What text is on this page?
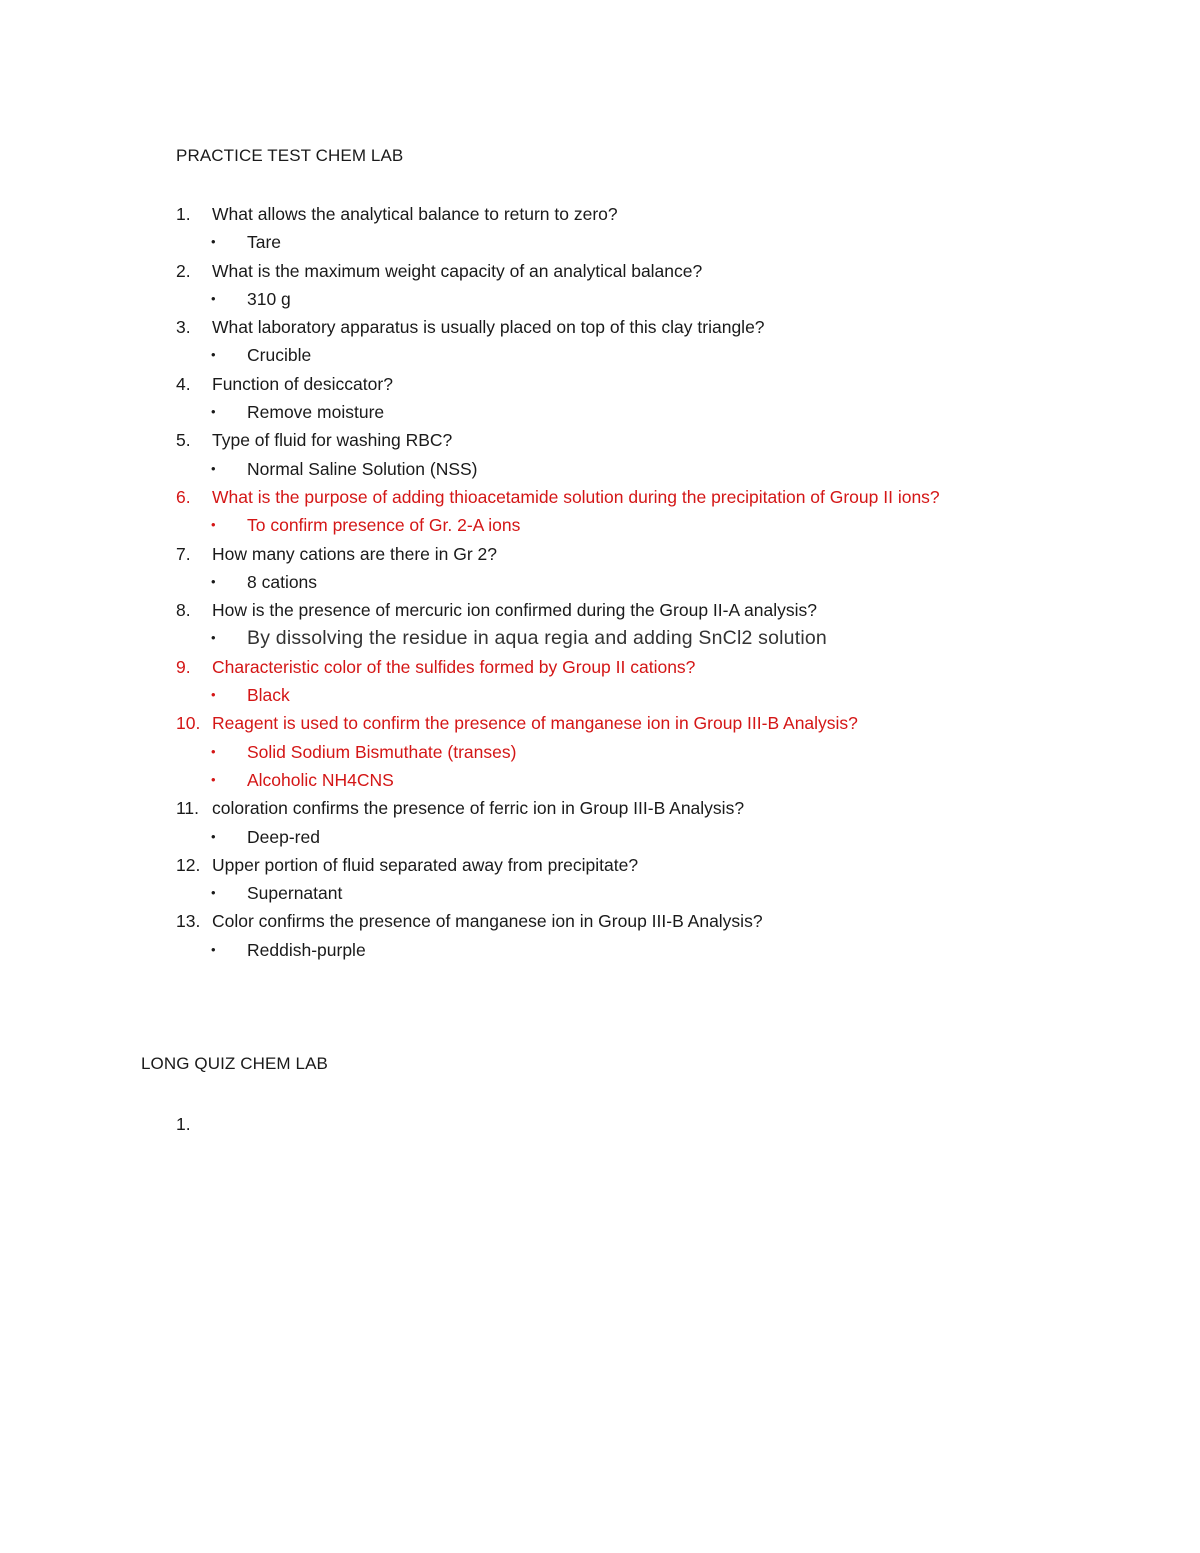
PRACTICE TEST CHEM LAB
1.	What allows the analytical balance to return to zero?
• Tare
2.	What is the maximum weight capacity of an analytical balance?
• 310 g
3.	What laboratory apparatus is usually placed on top of this clay triangle?
• Crucible
4.	Function of desiccator?
• Remove moisture
5.	Type of fluid for washing RBC?
• Normal Saline Solution (NSS)
6.	What is the purpose of adding thioacetamide solution during the precipitation of Group II ions?
• To confirm presence of Gr. 2-A ions
7.	How many cations are there in Gr 2?
• 8 cations
8.	How is the presence of mercuric ion confirmed during the Group II-A analysis?
• By dissolving the residue in aqua regia and adding SnCl2 solution
9.	Characteristic color of the sulfides formed by Group II cations?
• Black
10. Reagent is used to confirm the presence of manganese ion in Group III-B Analysis?
• Solid Sodium Bismuthate (transes)
• Alcoholic NH4CNS
11. coloration confirms the presence of ferric ion in Group III-B Analysis?
• Deep-red
12. Upper portion of fluid separated away from precipitate?
• Supernatant
13. Color confirms the presence of manganese ion in Group III-B Analysis?
• Reddish-purple
LONG QUIZ CHEM LAB
1.
